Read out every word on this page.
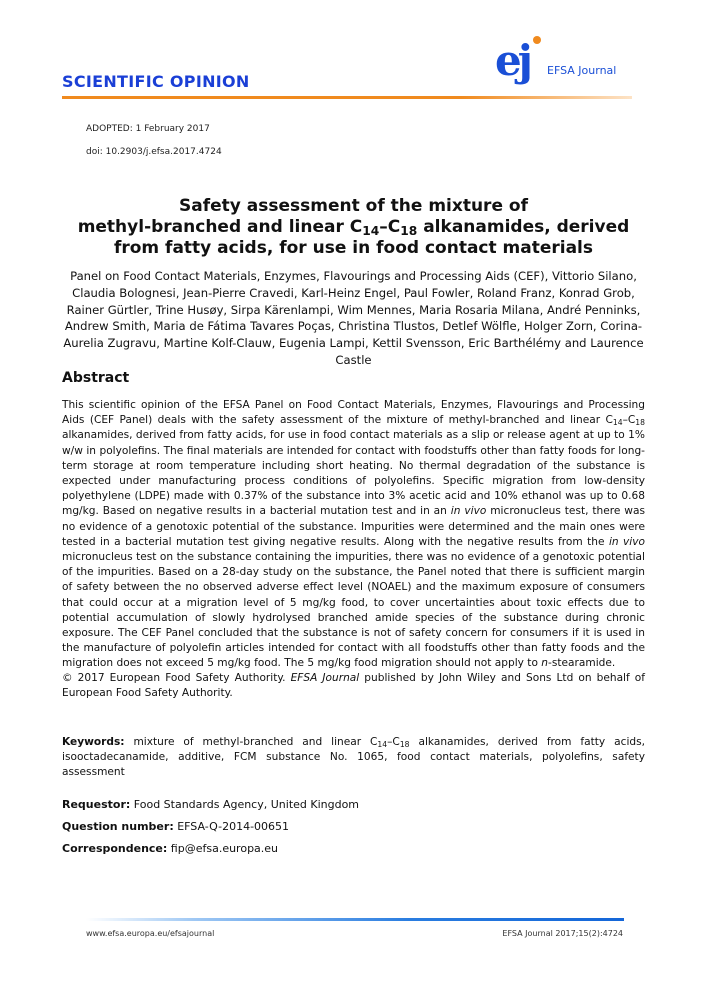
SCIENTIFIC OPINION	ej EFSA Journal
ADOPTED: 1 February 2017
doi: 10.2903/j.efsa.2017.4724
Safety assessment of the mixture of
methyl-branched and linear $C_{14}-C_{18}$ alkanamides, derived
from fatty acids, for use in food contact materials
Panel on Food Contact Materials, Enzymes, Flavourings and Processing Aids (CEF), Vittorio Silano, Claudia Bolognesi, Jean-Pierre Cravedi, Karl-Heinz Engel, Paul Fowler, Roland Franz, Konrad Grob, Rainer Gürtler, Trine Husøy, Sirpa Kärenlampi, Wim Mennes, Maria Rosaria Milana, André Penninks, Andrew Smith, Maria de Fátima Tavares Poças, Christina Tlustos, Detlef Wölfle, Holger Zorn, Corina-Aurelia Zugravu, Martine Kolf-Clauw, Eugenia Lampi, Kettil Svensson, Eric Barthélémy and Laurence Castle
Abstract
This scientific opinion of the EFSA Panel on Food Contact Materials, Enzymes, Flavourings and Processing Aids (CEF Panel) deals with the safety assessment of the mixture of methyl-branched and linear $C_{14}-C_{18}$ alkanamides, derived from fatty acids, for use in food contact materials as a slip or release agent at up to 1% w/w in polyolefins. The final materials are intended for contact with foodstuffs other than fatty foods for long-term storage at room temperature including short heating. No thermal degradation of the substance is expected under manufacturing process conditions of polyolefins. Specific migration from low-density polyethylene (LDPE) made with 0.37% of the substance into 3% acetic acid and 10% ethanol was up to 0.68 mg/kg. Based on negative results in a bacterial mutation test and in an in vivo micronucleus test, there was no evidence of a genotoxic potential of the substance. Impurities were determined and the main ones were tested in a bacterial mutation test giving negative results. Along with the negative results from the in vivo micronucleus test on the substance containing the impurities, there was no evidence of a genotoxic potential of the impurities. Based on a 28-day study on the substance, the Panel noted that there is sufficient margin of safety between the no observed adverse effect level (NOAEL) and the maximum exposure of consumers that could occur at a migration level of 5 mg/kg food, to cover uncertainties about toxic effects due to potential accumulation of slowly hydrolysed branched amide species of the substance during chronic exposure. The CEF Panel concluded that the substance is not of safety concern for consumers if it is used in the manufacture of polyolefin articles intended for contact with all foodstuffs other than fatty foods and the migration does not exceed 5 mg/kg food. The 5 mg/kg food migration should not apply to n-stearamide.
© 2017 European Food Safety Authority. EFSA Journal published by John Wiley and Sons Ltd on behalf of European Food Safety Authority.
Keywords: mixture of methyl-branched and linear $C_{14}-C_{18}$ alkanamides, derived from fatty acids, isooctadecanamide, additive, FCM substance No. 1065, food contact materials, polyolefins, safety assessment
Requestor: Food Standards Agency, United Kingdom
Question number: EFSA-Q-2014-00651
Correspondence: fip@efsa.europa.eu
www.efsa.europa.eu/efsajournal	EFSA Journal 2017;15(2):4724
